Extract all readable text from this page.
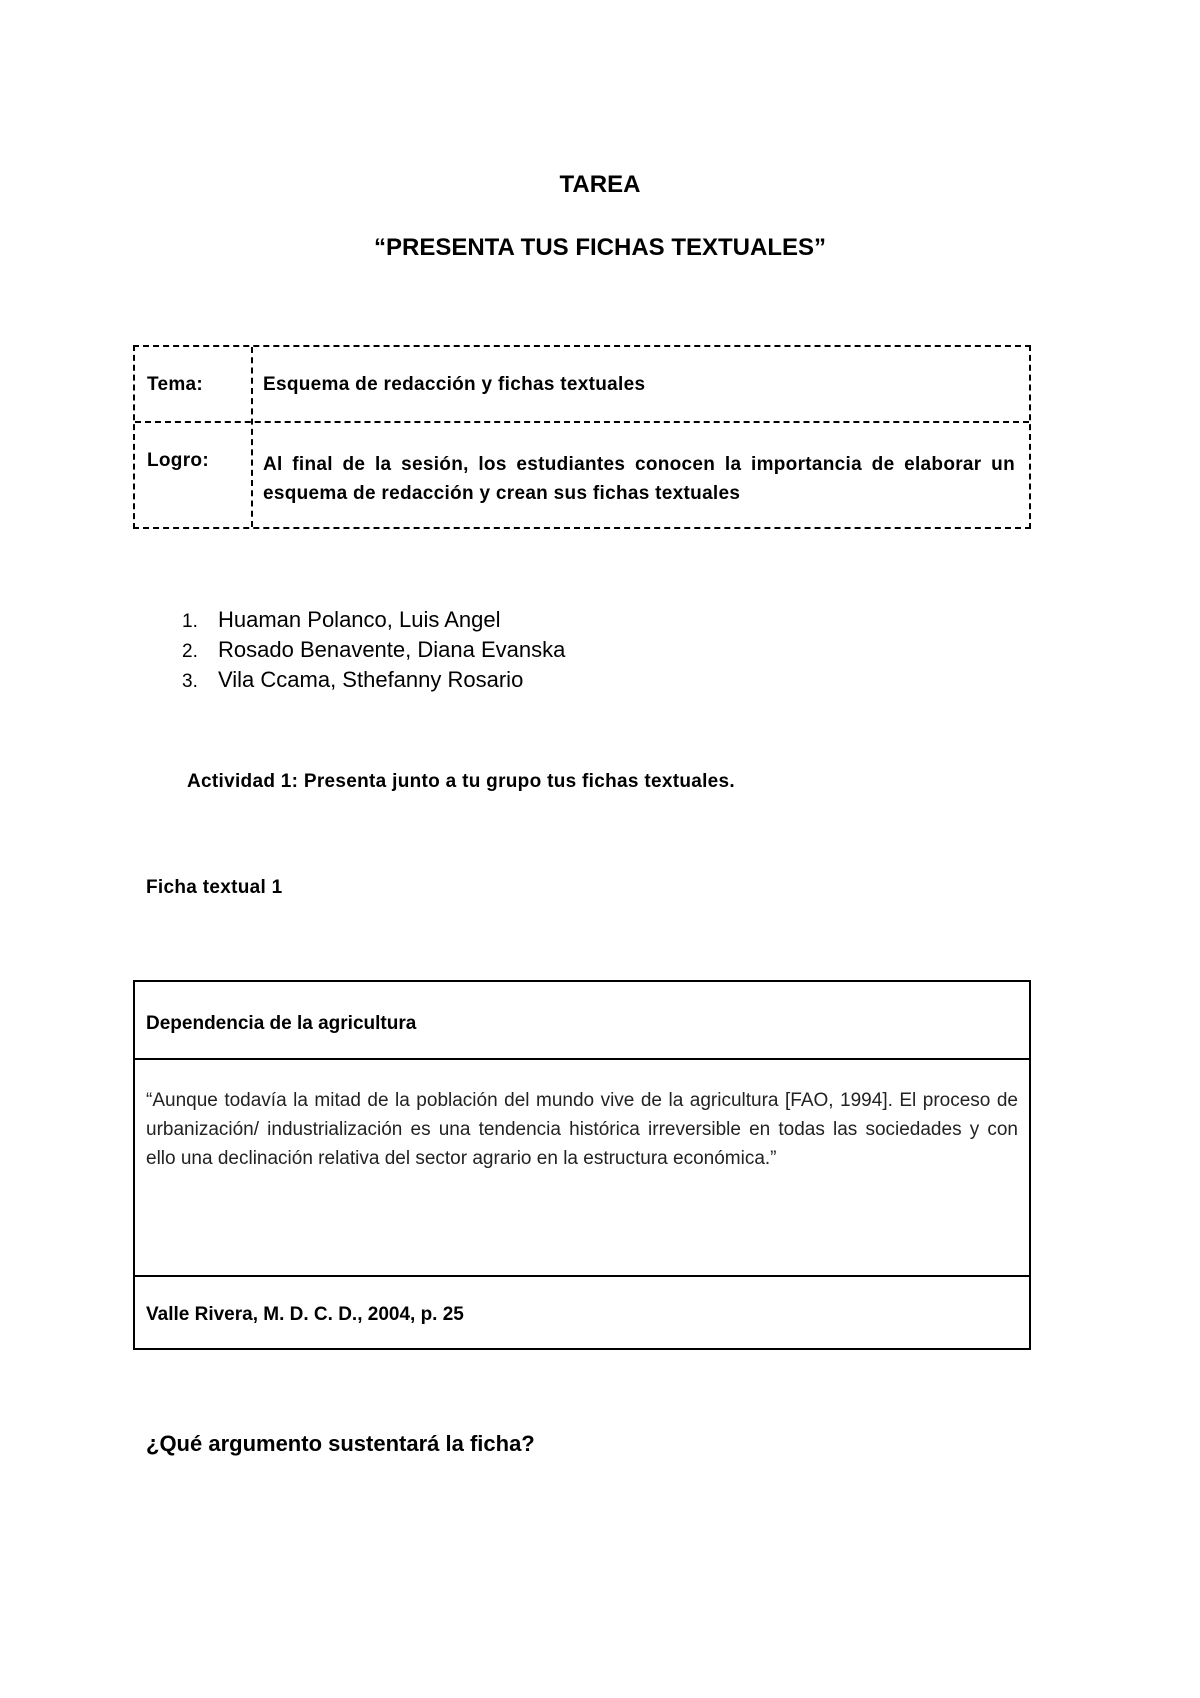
TAREA
“PRESENTA TUS FICHAS TEXTUALES”
Tema:	Esquema de redacción y fichas textuales
Logro:	Al final de la sesión, los estudiantes conocen la importancia de elaborar un esquema de redacción y crean sus fichas textuales
1. Huaman Polanco, Luis Angel
2. Rosado Benavente, Diana Evanska
3. Vila Ccama, Sthefanny Rosario
Actividad 1: Presenta junto a tu grupo tus fichas textuales.
Ficha textual 1
Dependencia de la agricultura
“Aunque todavía la mitad de la población del mundo vive de la agricultura [FAO, 1994]. El proceso de urbanización/ industrialización es una tendencia histórica irreversible en todas las sociedades y con ello una declinación relativa del sector agrario en la estructura económica.”
Valle Rivera, M. D. C. D., 2004, p. 25
¿Qué argumento sustentará la ficha?
